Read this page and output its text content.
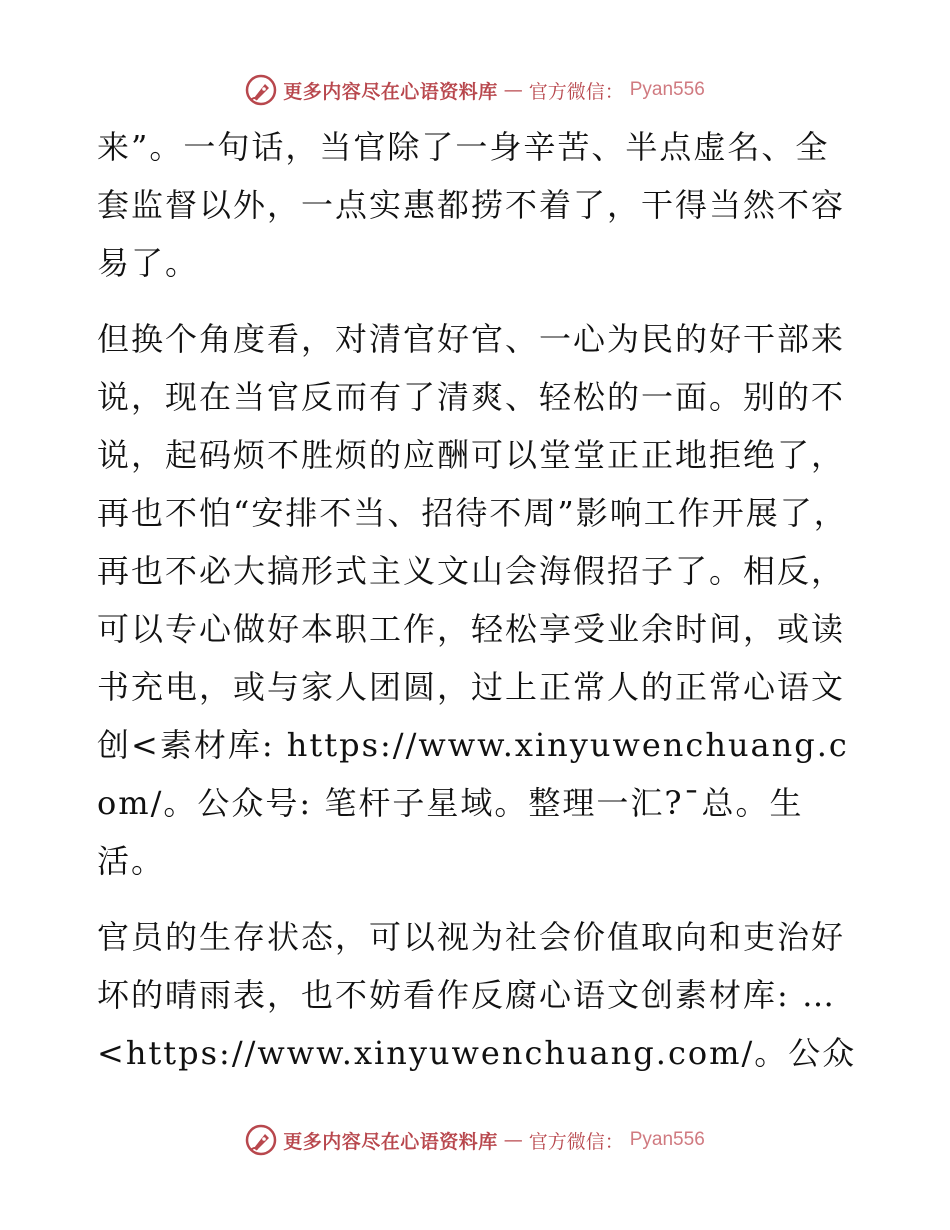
更多内容尽在心语资料库 — 官方微信： Pyan556

来”。一句话，当官除了一身辛苦、半点虚名、全套监督以外，一点实惠都捞不着了，干得当然不容易了。

但换个角度看，对清官好官、一心为民的好干部来说，现在当官反而有了清爽、轻松的一面。别的不说，起码烦不胜烦的应酬可以堂堂正正地拒绝了，再也不怕“安排不当、招待不周”影响工作开展了，再也不必大搞形式主义文山会海假招子了。相反，可以专心做好本职工作，轻松享受业余时间，或读书充电，或与家人团圆，过上正常人的正常心语文创<素材库: https://www.xinyuwenchuang.com/。公众号: 笔杆子星域。整理一汇?¯总。生活。

官员的生存状态，可以视为社会价值取向和吏治好坏的晴雨表，也不妨看作反腐心语文创素材库: …<https://www.xinyuwenchuang.com/。公众

更多内容尽在心语资料库 — 官方微信： Pyan556
